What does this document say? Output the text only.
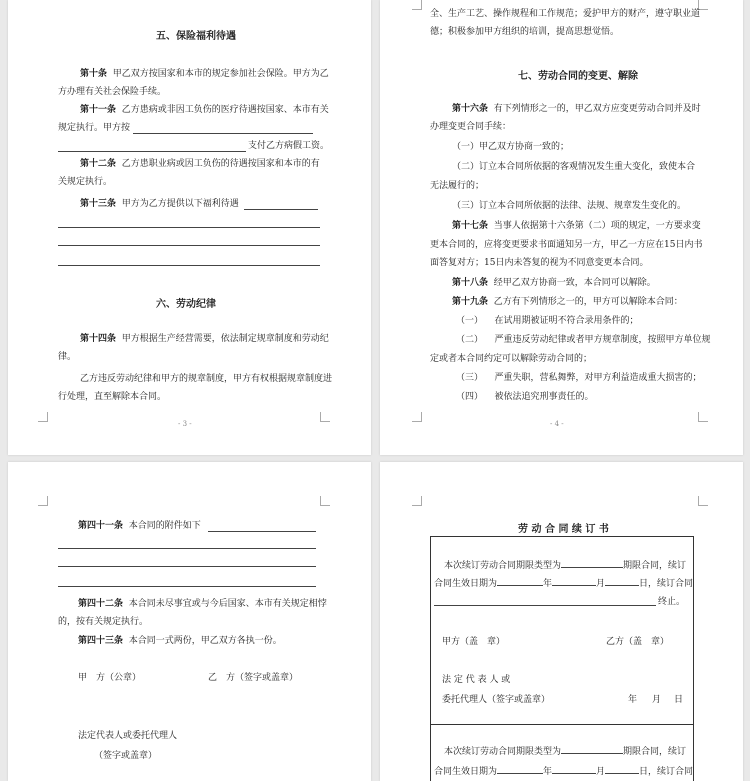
五、保险福利待遇
第十条 甲乙双方按国家和本市的规定参加社会保险。甲方为乙
方办理有关社会保险手续。
第十一条 乙方患病或非因工负伤的医疗待遇按国家、本市有关
规定执行。甲方按
支付乙方病假工资。
第十二条 乙方患职业病或因工负伤的待遇按国家和本市的有
关规定执行。
第十三条 甲方为乙方提供以下福利待遇
六、劳动纪律
第十四条 甲方根据生产经营需要，依法制定规章制度和劳动纪
律。
乙方违反劳动纪律和甲方的规章制度，甲方有权根据规章制度进
行处理，直至解除本合同。
- 3 -
全、生产工艺、操作规程和工作规范；爱护甲方的财产，遵守职业道
德；积极参加甲方组织的培训，提高思想觉悟。
七、劳动合同的变更、解除
第十六条 有下列情形之一的，甲乙双方应变更劳动合同并及时
办理变更合同手续：
（一）甲乙双方协商一致的；
（二）订立本合同所依据的客观情况发生重大变化，致使本合
无法履行的；
（三）订立本合同所依据的法律、法规、规章发生变化的。
第十七条 当事人依据第十六条第（二）项的规定，一方要求变
更本合同的，应将变更要求书面通知另一方，甲乙一方应在15日内书
面答复对方；15日内未答复的视为不同意变更本合同。
第十八条 经甲乙双方协商一致，本合同可以解除。
第十九条 乙方有下列情形之一的，甲方可以解除本合同：
（一） 在试用期被证明不符合录用条件的；
（二） 严重违反劳动纪律或者甲方规章制度，按照甲方单位规
定或者本合同约定可以解除劳动合同的；
（三） 严重失职，营私舞弊，对甲方利益造成重大损害的；
（四） 被依法追究刑事责任的。
- 4 -
第四十一条 本合同的附件如下
第四十二条 本合同未尽事宜或与今后国家、本市有关规定相悖
的，按有关规定执行。
第四十三条 本合同一式两份，甲乙双方各执一份。
甲　方（公章）	乙　方（签字或盖章）
法定代表人或委托代理人
（签字或盖章）
劳 动 合 同 续 订 书
本次续订劳动合同期限类型为	期限合同，续订
合同生效日期为	年	月	日，续订合同
终止。
甲方（盖　章）	乙方（盖　章）
法 定 代 表 人 或
委托代理人（签字或盖章）	年 月 日
本次续订劳动合同期限类型为	期限合同，续订
合同生效日期为	年	月	日，续订合同
